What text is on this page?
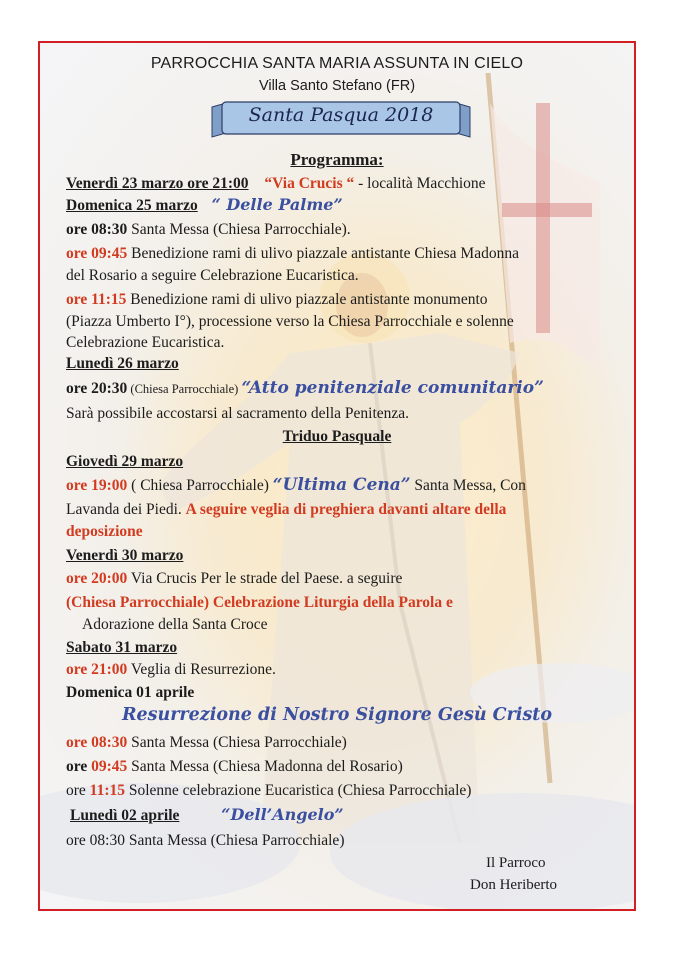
PARROCCHIA SANTA MARIA ASSUNTA IN CIELO
Villa Santo Stefano (FR)
Santa Pasqua 2018
Programma:
Venerdì 23 marzo ore 21:00 “Via Crucis “ - località Macchione
Domenica 25 marzo “ Delle Palme”
ore 08:30 Santa Messa (Chiesa Parrocchiale).
ore 09:45 Benedizione rami di ulivo piazzale antistante Chiesa Madonna
del Rosario a seguire Celebrazione Eucaristica.
ore 11:15 Benedizione rami di ulivo piazzale antistante monumento
(Piazza Umberto I°), processione verso la Chiesa Parrocchiale e solenne
Celebrazione Eucaristica.
Lunedì 26 marzo
ore 20:30 (Chiesa Parrocchiale) “Atto penitenziale comunitario”
Sarà possibile accostarsi al sacramento della Penitenza.
Triduo Pasquale
Giovedì 29 marzo
ore 19:00 ( Chiesa Parrocchiale) “Ultima Cena” Santa Messa, Con
Lavanda dei Piedi. A seguire veglia di preghiera davanti altare della
deposizione
Venerdì 30 marzo
ore 20:00 Via Crucis Per le strade del Paese. a seguire
(Chiesa Parrocchiale) Celebrazione Liturgia della Parola e
Adorazione della Santa Croce
Sabato 31 marzo
ore 21:00 Veglia di Resurrezione.
Domenica 01 aprile
Resurrezione di Nostro Signore Gesù Cristo
ore 08:30 Santa Messa (Chiesa Parrocchiale)
ore 09:45 Santa Messa (Chiesa Madonna del Rosario)
ore 11:15 Solenne celebrazione Eucaristica (Chiesa Parrocchiale)
Lunedì 02 aprile	“Dell’Angelo”
ore 08:30 Santa Messa (Chiesa Parrocchiale)
Il Parroco
Don Heriberto
